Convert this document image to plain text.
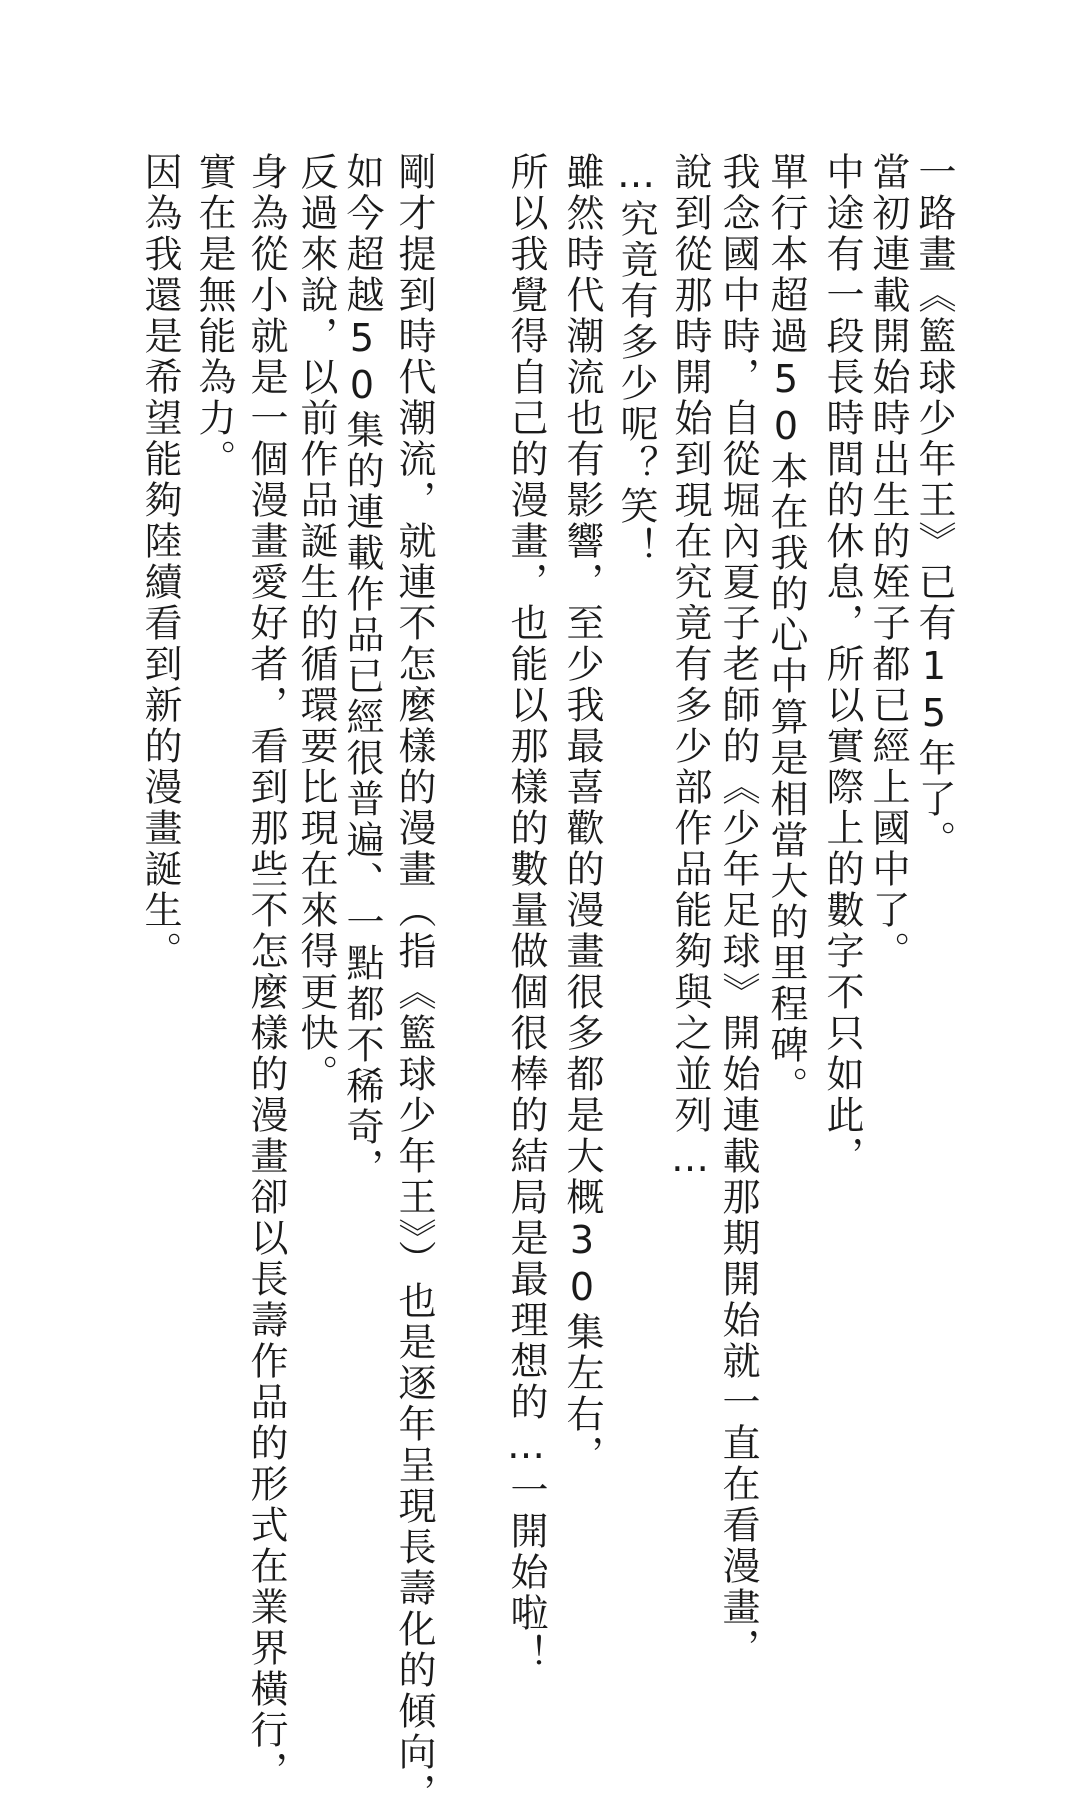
一路畫《籃球少年王》已有15年了。
當初連載開始時出生的姪子都已經上國中了。
中途有一段長時間的休息，所以實際上的數字不只如此，
單行本超過50本在我的心中算是相當大的里程碑。
我念國中時，自從堀內夏子老師的《少年足球》開始連載那期開始就一直在看漫畫，
說到從那時開始到現在究竟有多少部作品能夠與之並列…
…究竟有多少呢？笑！
雖然時代潮流也有影響，至少我最喜歡的漫畫很多都是大概30集左右，
所以我覺得自己的漫畫，也能以那樣的數量做個很棒的結局是最理想的…一開始啦！
剛才提到時代潮流，就連不怎麼樣的漫畫（指《籃球少年王》）也是逐年呈現長壽化的傾向，
如今超越50集的連載作品已經很普遍、一點都不稀奇，
反過來說，以前作品誕生的循環要比現在來得更快。
身為從小就是一個漫畫愛好者，看到那些不怎麼樣的漫畫卻以長壽作品的形式在業界橫行，
實在是無能為力。
因為我還是希望能夠陸續看到新的漫畫誕生。
